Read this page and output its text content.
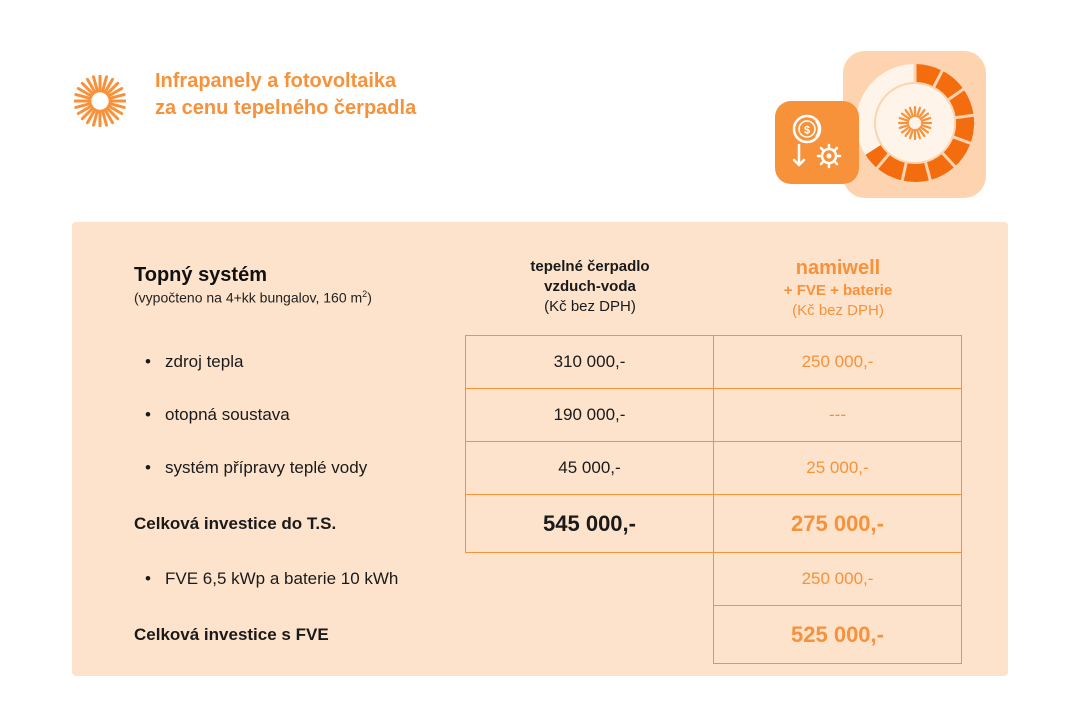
Infrapanely a fotovoltaika
za cenu tepelného čerpadla
$
Topný systém
(vypočteno na 4+kk bungalov, 160 $m^2$)
tepelné čerpadlo
vzduch-voda
(Kč bez DPH)
namiwell
+ FVE + baterie
(Kč bez DPH)
• zdroj tepla
• otopná soustava
• systém přípravy teplé vody
Celková investice do T.S.
• FVE 6,5 kWp a baterie 10 kWh
Celková investice s FVE
310 000,-
190 000,-
45 000,-
545 000,-
250 000,-
---
25 000,-
275 000,-
250 000,-
525 000,-
